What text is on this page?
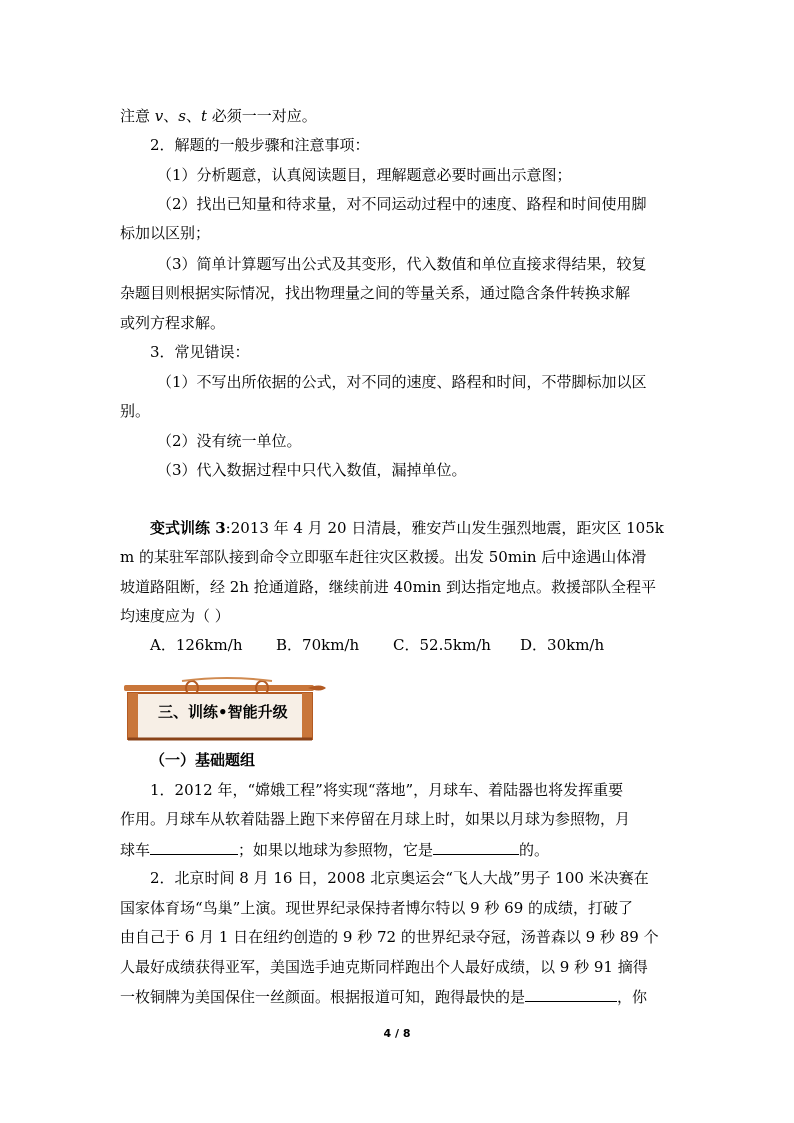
注意 v、s、t 必须一一对应。
2．解题的一般步骤和注意事项：
（1）分析题意，认真阅读题目，理解题意必要时画出示意图；
（2）找出已知量和待求量，对不同运动过程中的速度、路程和时间使用脚
标加以区别；
（3）简单计算题写出公式及其变形，代入数值和单位直接求得结果，较复
杂题目则根据实际情况，找出物理量之间的等量关系，通过隐含条件转换求解
或列方程求解。
3．常见错误：
（1）不写出所依据的公式，对不同的速度、路程和时间，不带脚标加以区
别。
（2）没有统一单位。
（3）代入数据过程中只代入数值，漏掉单位。
变式训练 3:2013 年 4 月 20 日清晨，雅安芦山发生强烈地震，距灾区 105k
m 的某驻军部队接到命令立即驱车赶往灾区救援。出发 50min 后中途遇山体滑
坡道路阻断，经 2h 抢通道路，继续前进 40min 到达指定地点。救援部队全程平
均速度应为（ ）
A．126km/h B．70km/h C．52.5km/h D．30km/h
三、训练•智能升级
（一）基础题组
1．2012 年，“嫦娥工程”将实现“落地”，月球车、着陆器也将发挥重要
作用。月球车从软着陆器上跑下来停留在月球上时，如果以月球为参照物，月
球车	；如果以地球为参照物，它是	的。
2．北京时间 8 月 16 日，2008 北京奥运会“飞人大战”男子 100 米决赛在
国家体育场“鸟巢”上演。现世界纪录保持者博尔特以 9 秒 69 的成绩，打破了
由自己于 6 月 1 日在纽约创造的 9 秒 72 的世界纪录夺冠，汤普森以 9 秒 89 个
人最好成绩获得亚军，美国选手迪克斯同样跑出个人最好成绩，以 9 秒 91 摘得
一枚铜牌为美国保住一丝颜面。根据报道可知，跑得最快的是	，你
4 / 8
